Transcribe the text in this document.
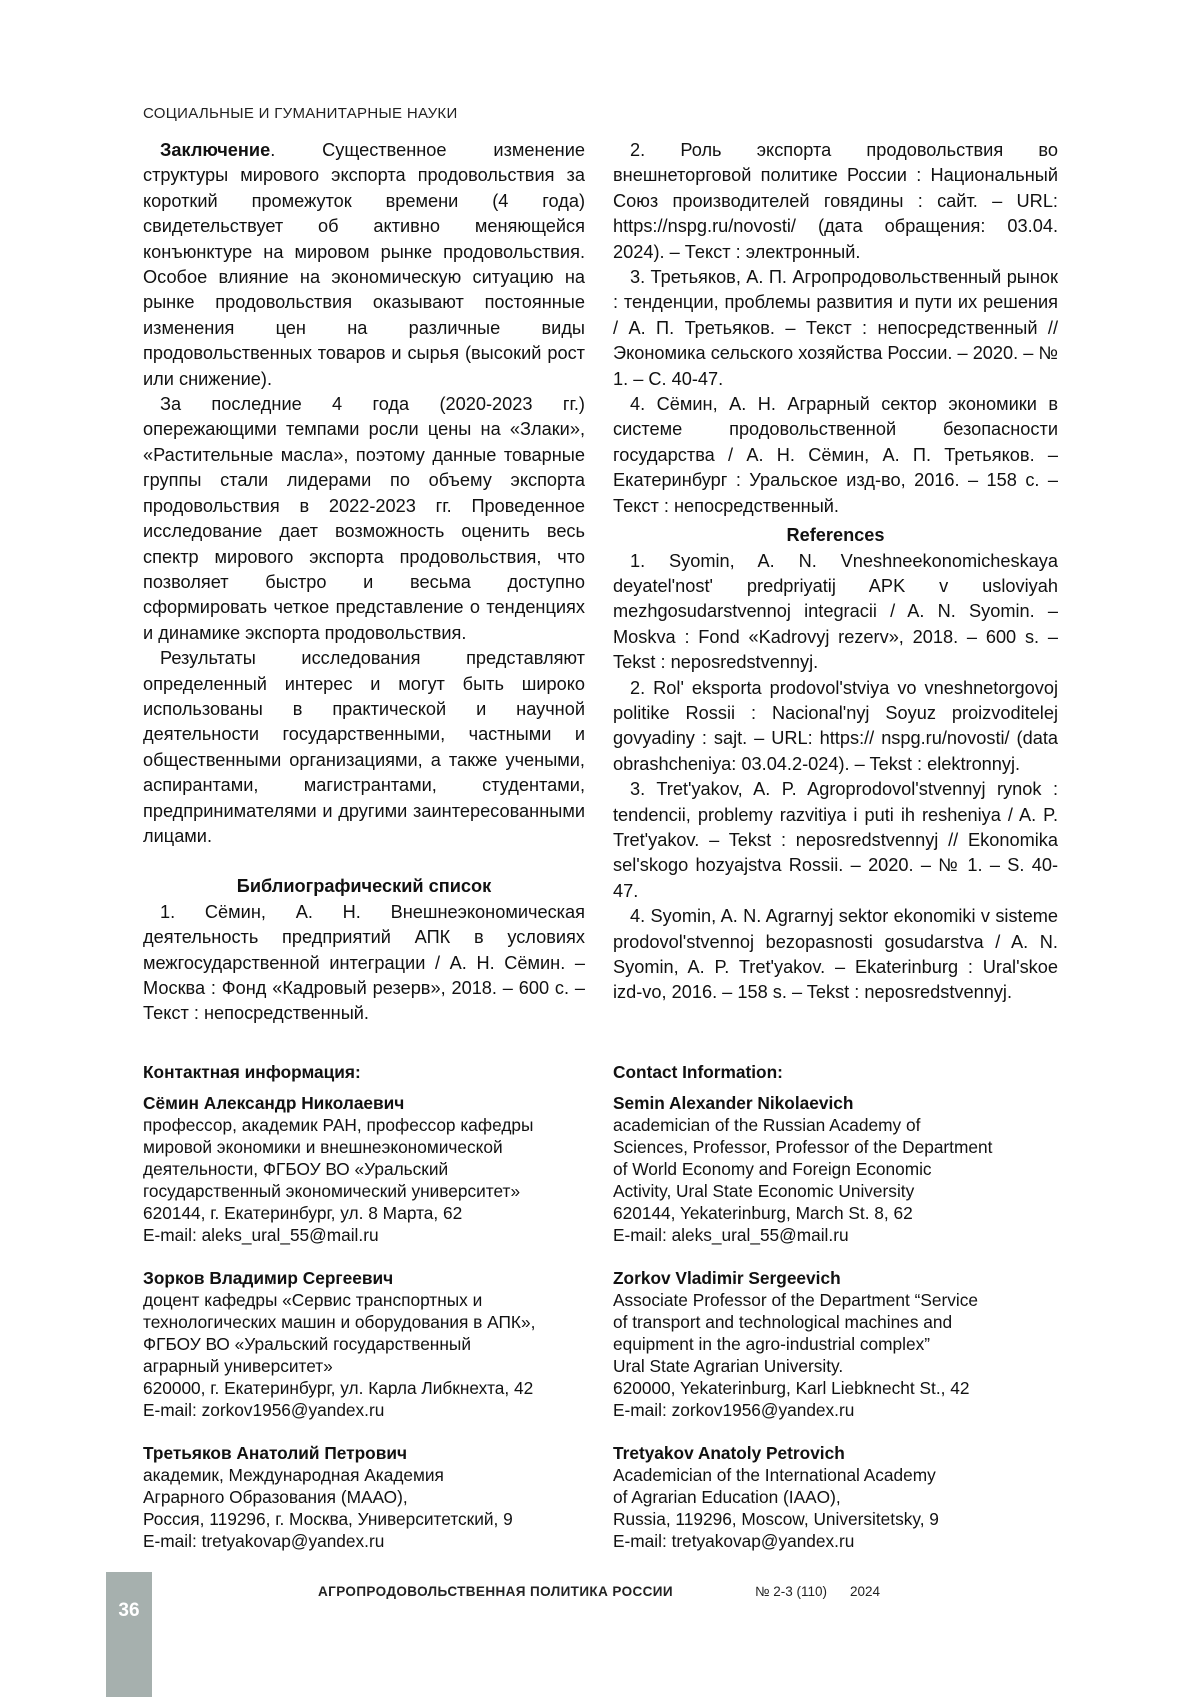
СОЦИАЛЬНЫЕ И ГУМАНИТАРНЫЕ НАУКИ

Заключение. Существенное изменение структуры мирового экспорта продовольствия за короткий промежуток времени (4 года) свидетельствует об активно меняющейся конъюнктуре на мировом рынке продовольствия. Особое влияние на экономическую ситуацию на рынке продовольствия оказывают постоянные изменения цен на различные виды продовольственных товаров и сырья (высокий рост или снижение).

За последние 4 года (2020-2023 гг.) опережающими темпами росли цены на «Злаки», «Растительные масла», поэтому данные товарные группы стали лидерами по объему экспорта продовольствия в 2022-2023 гг. Проведенное исследование дает возможность оценить весь спектр мирового экспорта продовольствия, что позволяет быстро и весьма доступно сформировать четкое представление о тенденциях и динамике экспорта продовольствия.

Результаты исследования представляют определенный интерес и могут быть широко использованы в практической и научной деятельности государственными, частными и общественными организациями, а также учеными, аспирантами, магистрантами, студентами, предпринимателями и другими заинтересованными лицами.

Библиографический список

1. Сёмин, А. Н. Внешнеэкономическая деятельность предприятий АПК в условиях межгосударственной интеграции / А. Н. Сёмин. – Москва : Фонд «Кадровый резерв», 2018. – 600 с. – Текст : непосредственный.

2. Роль экспорта продовольствия во внешнеторговой политике России : Национальный Союз производителей говядины : сайт. – URL: https://nspg.ru/novosti/ (дата обращения: 03.04. 2024). – Текст : электронный.

3. Третьяков, А. П. Агропродовольственный рынок : тенденции, проблемы развития и пути их решения / А. П. Третьяков. – Текст : непосредственный // Экономика сельского хозяйства России. – 2020. – № 1. – С. 40-47.

4. Сёмин, А. Н. Аграрный сектор экономики в системе продовольственной безопасности государства / А. Н. Сёмин, А. П. Третьяков. – Екатеринбург : Уральское изд-во, 2016. – 158 с. – Текст : непосредственный.

References

1. Syomin, A. N. Vneshneekonomicheskaya deyatel'nost' predpriyatij APK v usloviyah mezhgosudarstvennoj integracii / A. N. Syomin. – Moskva : Fond «Kadrovyj rezerv», 2018. – 600 s. – Tekst : neposredstvennyj.

2. Rol' eksporta prodovol'stviya vo vneshnetorgovoj politike Rossii : Nacional'nyj Soyuz proizvoditelej govyadiny : sajt. – URL: https:// nspg.ru/novosti/ (data obrashcheniya: 03.04.2-024). – Tekst : elektronnyj.

3. Tret'yakov, A. P. Agroprodovol'stvennyj rynok : tendencii, problemy razvitiya i puti ih resheniya / A. P. Tret'yakov. – Tekst : neposredstvennyj // Ekonomika sel'skogo hozyajstva Rossii. – 2020. – № 1. – S. 40-47.

4. Syomin, A. N. Agrarnyj sektor ekonomiki v sisteme prodovol'stvennoj bezopasnosti gosudarstva / A. N. Syomin, A. P. Tret'yakov. – Ekaterinburg : Ural'skoe izd-vo, 2016. – 158 s. – Tekst : neposredstvennyj.

Контактная информация:
Сёмин Александр Николаевич
профессор, академик РАН, профессор кафедры
мировой экономики и внешнеэкономической
деятельности, ФГБОУ ВО «Уральский
государственный экономический университет»
620144, г. Екатеринбург, ул. 8 Марта, 62
E-mail: aleks_ural_55@mail.ru
Зорков Владимир Сергеевич
доцент кафедры «Сервис транспортных и
технологических машин и оборудования в АПК»,
ФГБОУ ВО «Уральский государственный
аграрный университет»
620000, г. Екатеринбург, ул. Карла Либкнехта, 42
E-mail: zorkov1956@yandex.ru
Третьяков Анатолий Петрович
академик, Международная Академия
Аграрного Образования (МААО),
Россия, 119296, г. Москва, Университетский, 9
E-mail: tretyakovap@yandex.ru
Contact Information:
Semin Alexander Nikolaevich
academician of the Russian Academy of
Sciences, Professor, Professor of the Department
of World Economy and Foreign Economic
Activity, Ural State Economic University
620144, Yekaterinburg, March St. 8, 62
E-mail: aleks_ural_55@mail.ru
Zorkov Vladimir Sergeevich
Associate Professor of the Department “Service
of transport and technological machines and
equipment in the agro-industrial complex”
Ural State Agrarian University.
620000, Yekaterinburg, Karl Liebknecht St., 42
E-mail: zorkov1956@yandex.ru
Tretyakov Anatoly Petrovich
Academician of the International Academy
of Agrarian Education (IAAO),
Russia, 119296, Moscow, Universitetsky, 9
E-mail: tretyakovap@yandex.ru
36
АГРОПРОДОВОЛЬСТВЕННАЯ ПОЛИТИКА РОССИИ	№ 2-3 (110) 2024
